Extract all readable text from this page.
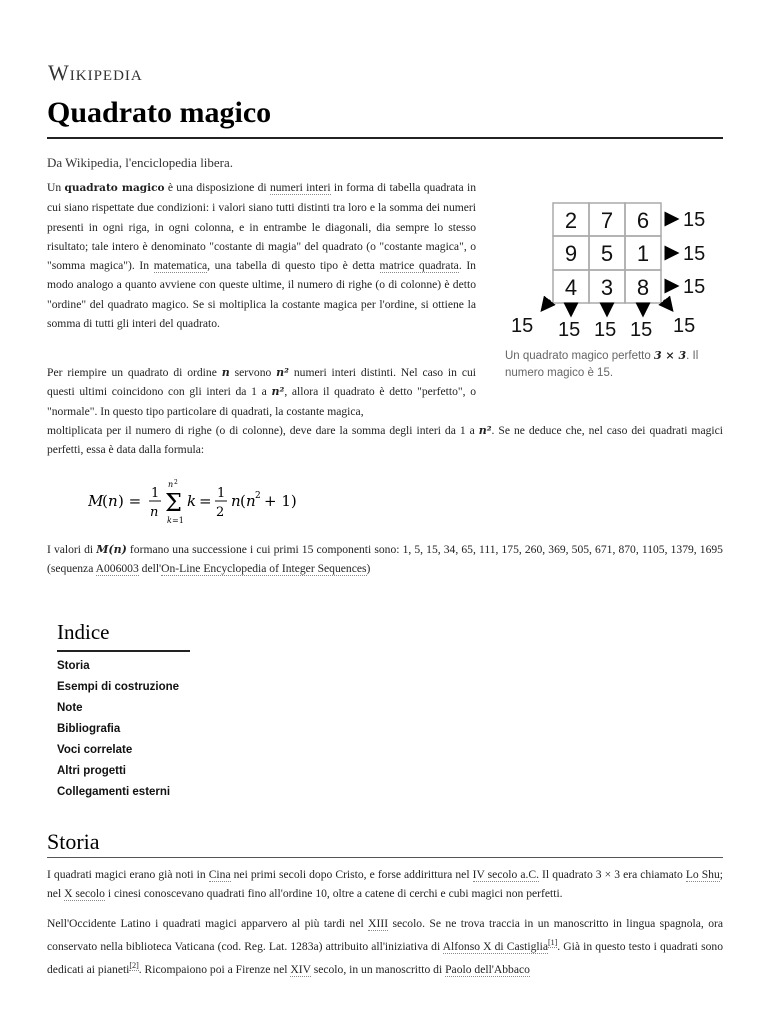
Wikipedia
Quadrato magico
Da Wikipedia, l'enciclopedia libera.
Un quadrato magico è una disposizione di numeri interi in forma di tabella quadrata in cui siano rispettate due condizioni: i valori siano tutti distinti tra loro e la somma dei numeri presenti in ogni riga, in ogni colonna, e in entrambe le diagonali, dia sempre lo stesso risultato; tale intero è denominato "costante di magia" del quadrato (o "costante magica", o "somma magica"). In matematica, una tabella di questo tipo è detta matrice quadrata. In modo analogo a quanto avviene con queste ultime, il numero di righe (o di colonne) è detto "ordine" del quadrato magico. Se si moltiplica la costante magica per l'ordine, si ottiene la somma di tutti gli interi del quadrato.
Per riempire un quadrato di ordine n servono n² numeri interi distinti. Nel caso in cui questi ultimi coincidono con gli interi da 1 a n², allora il quadrato è detto "perfetto", o "normale". In questo tipo particolare di quadrati, la costante magica,
moltiplicata per il numero di righe (o di colonne), deve dare la somma degli interi da 1 a n². Se ne deduce che, nel caso dei quadrati magici perfetti, essa è data dalla formula:
M
( n ) = 1
n
n 2
Σ
k =1
k = 1
2
n ( n 2 + 1)
I valori di M(n) formano una successione i cui primi 15 componenti sono: 1, 5, 15, 34, 65, 111, 175, 260, 369, 505, 671, 870, 1105, 1379, 1695 (sequenza A006003 dell'On-Line Encyclopedia of Integer Sequences)
2 7 6
9 5 1
4 3 8
15
15
15
15 15 15 15 15
Un quadrato magico perfetto 3 × 3. Il numero magico è 15.
Indice
Storia
Esempi di costruzione
Note
Bibliografia
Voci correlate
Altri progetti
Collegamenti esterni
Storia
I quadrati magici erano già noti in Cina nei primi secoli dopo Cristo, e forse addirittura nel IV secolo a.C. Il quadrato 3 × 3 era chiamato Lo Shu; nel X secolo i cinesi conoscevano quadrati fino all'ordine 10, oltre a catene di cerchi e cubi magici non perfetti.
Nell'Occidente Latino i quadrati magici apparvero al più tardi nel XIII secolo. Se ne trova traccia in un manoscritto in lingua spagnola, ora conservato nella biblioteca Vaticana (cod. Reg. Lat. 1283a) attribuito all'iniziativa di Alfonso X di Castiglia[1]. Già in questo testo i quadrati sono dedicati ai pianeti[2]. Ricompaiono poi a Firenze nel XIV secolo, in un manoscritto di Paolo dell'Abbaco
